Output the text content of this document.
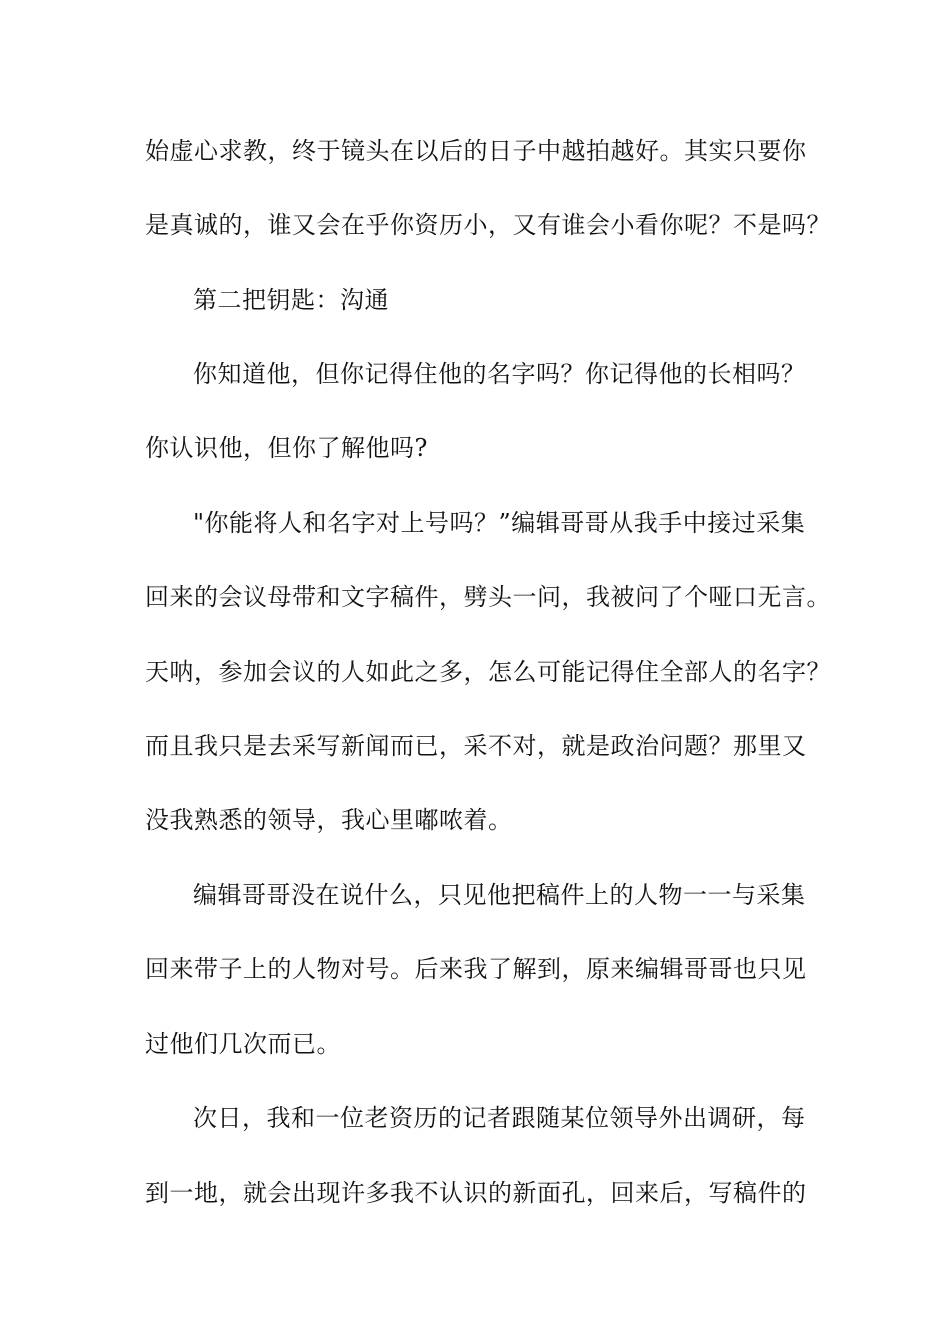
始虚心求教，终于镜头在以后的日子中越拍越好。其实只要你
是真诚的，谁又会在乎你资历小，又有谁会小看你呢？不是吗？
第二把钥匙：沟通
你知道他，但你记得住他的名字吗？你记得他的长相吗？
你认识他，但你了解他吗?
"你能将人和名字对上号吗？”编辑哥哥从我手中接过采集
回来的会议母带和文字稿件，劈头一问，我被问了个哑口无言。
天呐，参加会议的人如此之多，怎么可能记得住全部人的名字？
而且我只是去采写新闻而已，采不对，就是政治问题？那里又
没我熟悉的领导，我心里嘟哝着。
编辑哥哥没在说什么，只见他把稿件上的人物一一与采集
回来带子上的人物对号。后来我了解到，原来编辑哥哥也只见
过他们几次而已。
次日，我和一位老资历的记者跟随某位领导外出调研，每
到一地，就会出现许多我不认识的新面孔，回来后，写稿件的
